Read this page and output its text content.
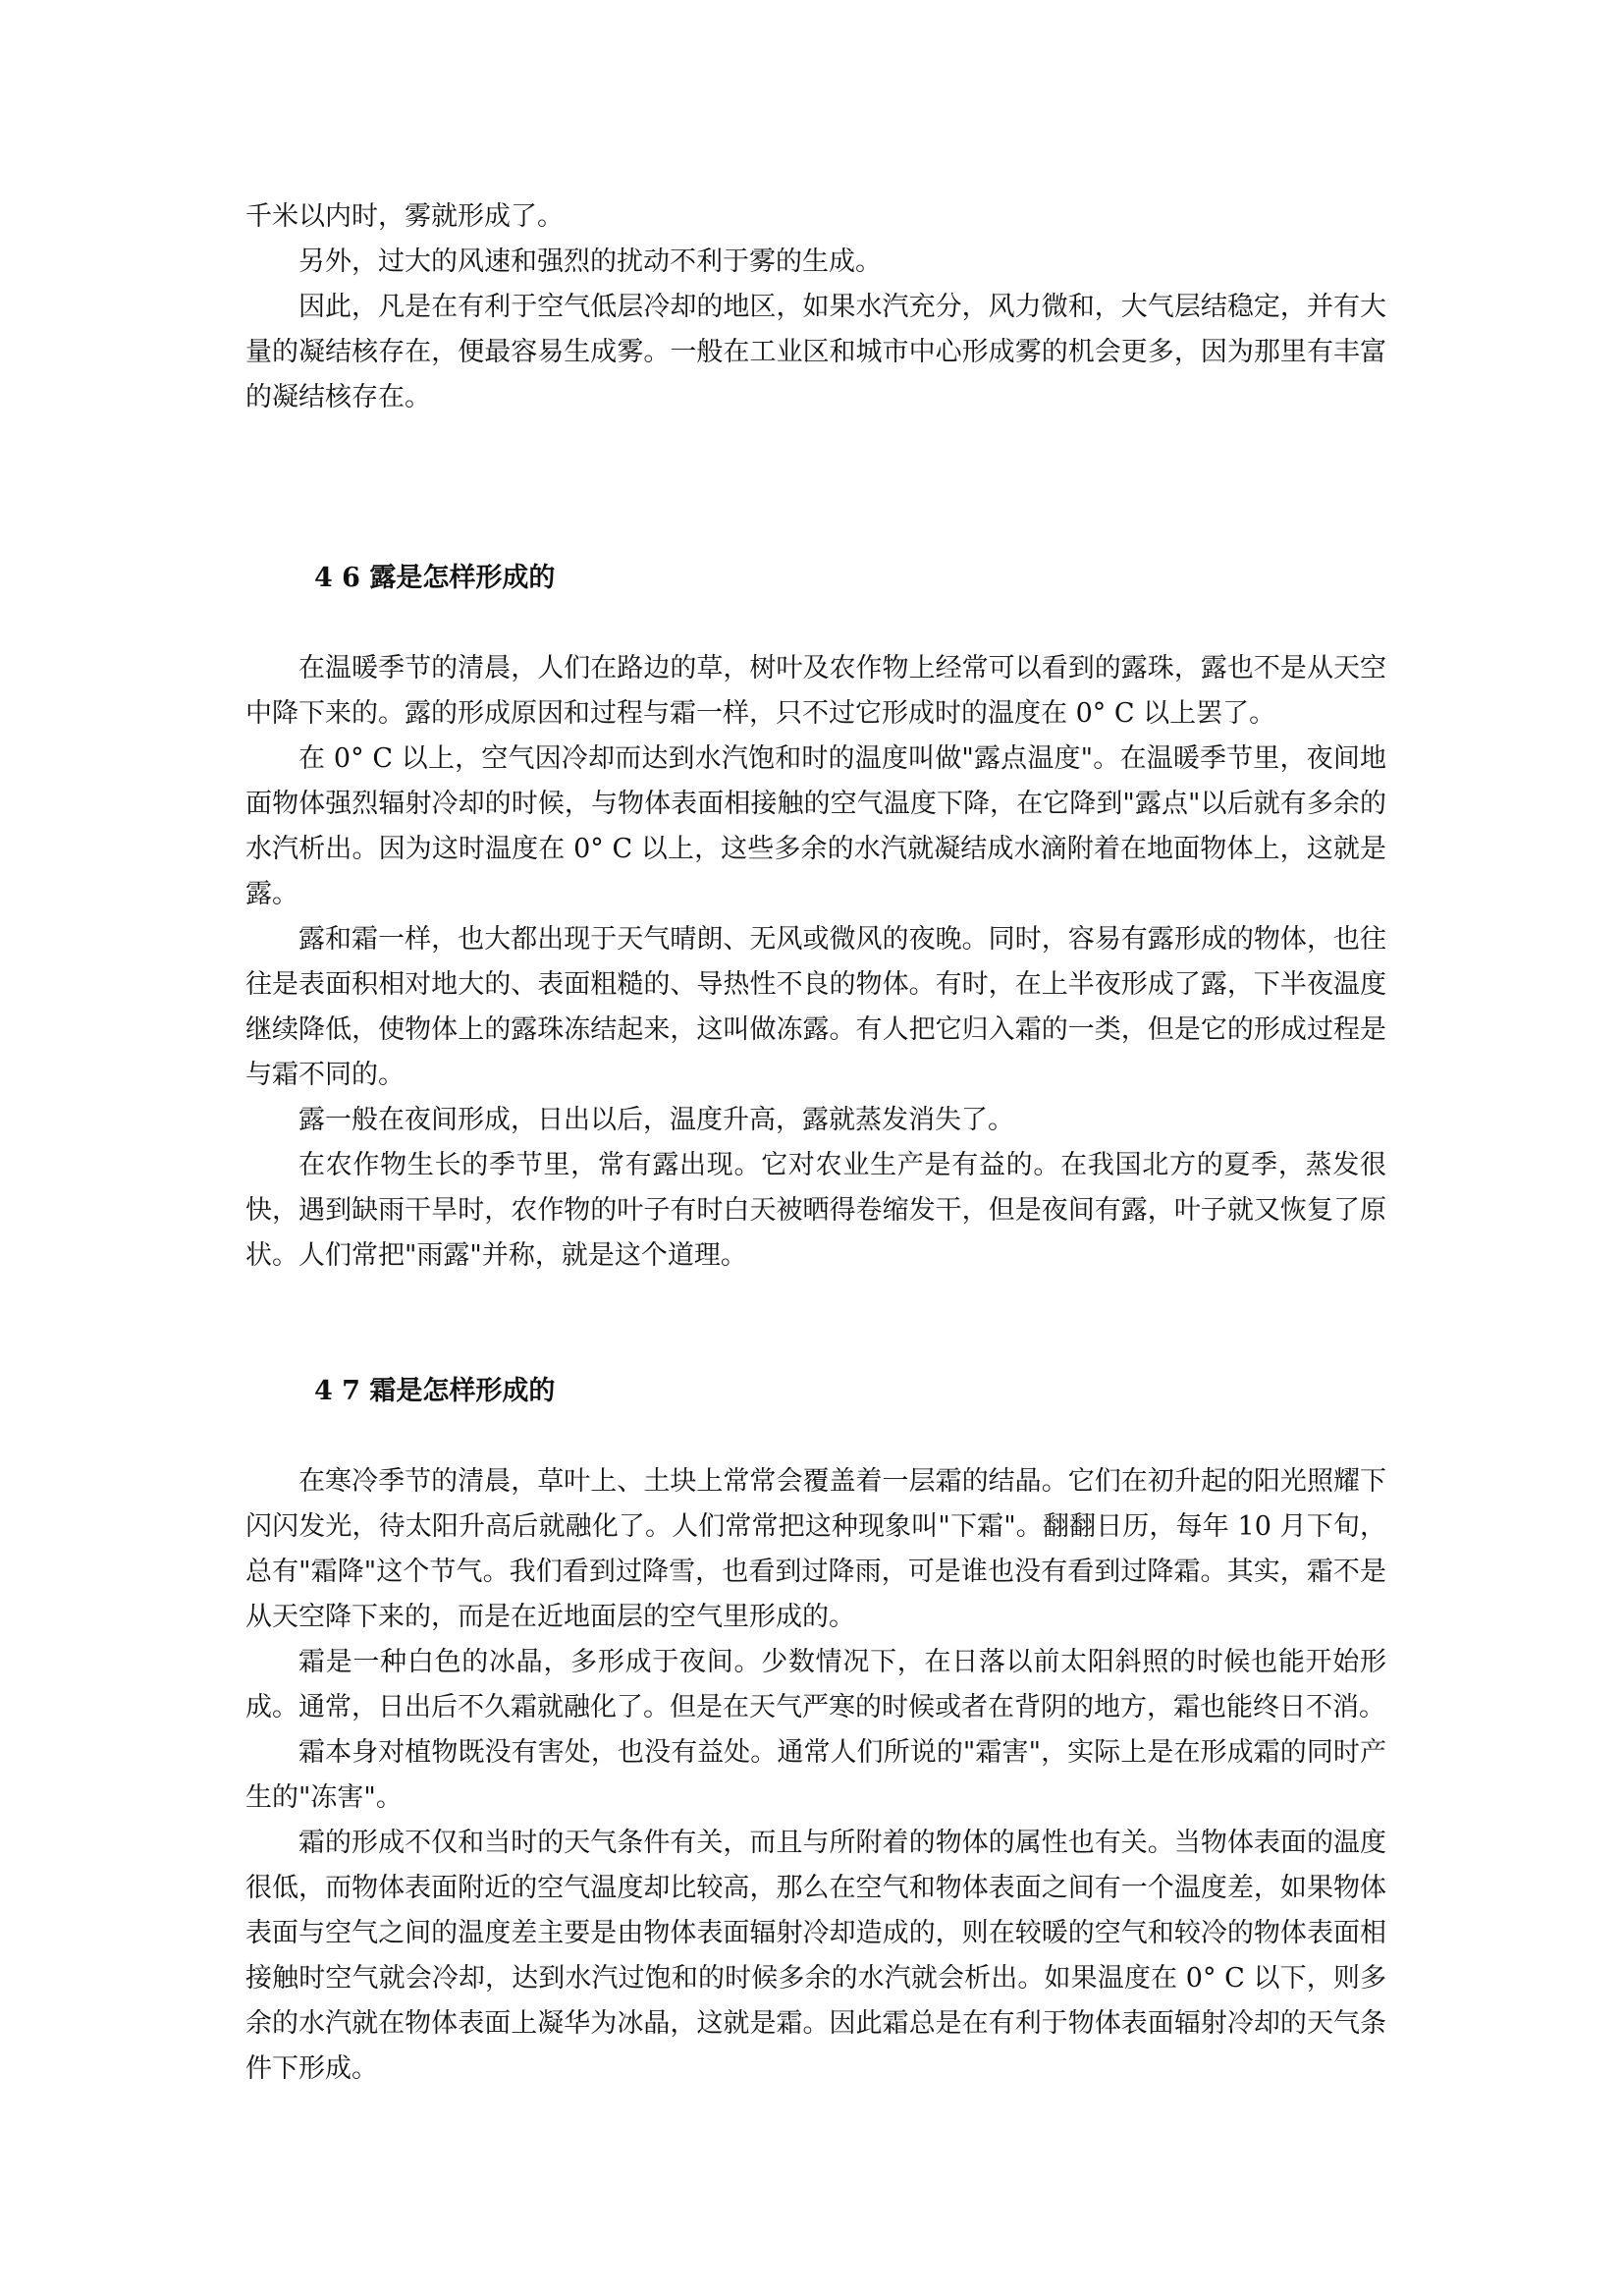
千米以内时，雾就形成了。

另外，过大的风速和强烈的扰动不利于雾的生成。

因此，凡是在有利于空气低层冷却的地区，如果水汽充分，风力微和，大气层结稳定，并有大量的凝结核存在，便最容易生成雾。一般在工业区和城市中心形成雾的机会更多，因为那里有丰富的凝结核存在。

4 6 露是怎样形成的

在温暖季节的清晨，人们在路边的草，树叶及农作物上经常可以看到的露珠，露也不是从天空中降下来的。露的形成原因和过程与霜一样，只不过它形成时的温度在 0° C 以上罢了。

在 0° C 以上，空气因冷却而达到水汽饱和时的温度叫做"露点温度"。在温暖季节里，夜间地面物体强烈辐射冷却的时候，与物体表面相接触的空气温度下降，在它降到"露点"以后就有多余的水汽析出。因为这时温度在 0° C 以上，这些多余的水汽就凝结成水滴附着在地面物体上，这就是露。

露和霜一样，也大都出现于天气晴朗、无风或微风的夜晚。同时，容易有露形成的物体，也往往是表面积相对地大的、表面粗糙的、导热性不良的物体。有时，在上半夜形成了露，下半夜温度继续降低，使物体上的露珠冻结起来，这叫做冻露。有人把它归入霜的一类，但是它的形成过程是与霜不同的。

露一般在夜间形成，日出以后，温度升高，露就蒸发消失了。

在农作物生长的季节里，常有露出现。它对农业生产是有益的。在我国北方的夏季，蒸发很快，遇到缺雨干旱时，农作物的叶子有时白天被晒得卷缩发干，但是夜间有露，叶子就又恢复了原状。人们常把"雨露"并称，就是这个道理。

4 7 霜是怎样形成的

在寒冷季节的清晨，草叶上、土块上常常会覆盖着一层霜的结晶。它们在初升起的阳光照耀下闪闪发光，待太阳升高后就融化了。人们常常把这种现象叫"下霜"。翻翻日历，每年 10 月下旬，总有"霜降"这个节气。我们看到过降雪，也看到过降雨，可是谁也没有看到过降霜。其实，霜不是从天空降下来的，而是在近地面层的空气里形成的。

霜是一种白色的冰晶，多形成于夜间。少数情况下，在日落以前太阳斜照的时候也能开始形成。通常，日出后不久霜就融化了。但是在天气严寒的时候或者在背阴的地方，霜也能终日不消。

霜本身对植物既没有害处，也没有益处。通常人们所说的"霜害"，实际上是在形成霜的同时产生的"冻害"。

霜的形成不仅和当时的天气条件有关，而且与所附着的物体的属性也有关。当物体表面的温度很低，而物体表面附近的空气温度却比较高，那么在空气和物体表面之间有一个温度差，如果物体表面与空气之间的温度差主要是由物体表面辐射冷却造成的，则在较暖的空气和较冷的物体表面相接触时空气就会冷却，达到水汽过饱和的时候多余的水汽就会析出。如果温度在 0° C 以下，则多余的水汽就在物体表面上凝华为冰晶，这就是霜。因此霜总是在有利于物体表面辐射冷却的天气条件下形成。
